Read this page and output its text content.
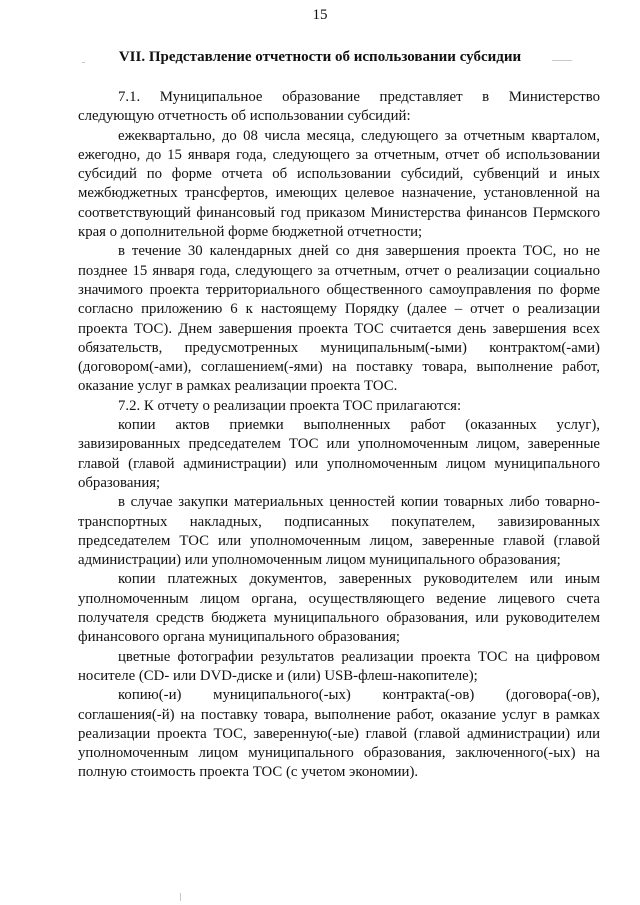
15
VII. Представление отчетности об использовании субсидии

7.1. Муниципальное образование представляет в Министерство следующую отчетность об использовании субсидий:

ежеквартально, до 08 числа месяца, следующего за отчетным кварталом, ежегодно, до 15 января года, следующего за отчетным, отчет об использовании субсидий по форме отчета об использовании субсидий, субвенций и иных межбюджетных трансфертов, имеющих целевое назначение, установленной на соответствующий финансовый год приказом Министерства финансов Пермского края о дополнительной форме бюджетной отчетности;

в течение 30 календарных дней со дня завершения проекта ТОС, но не позднее 15 января года, следующего за отчетным, отчет о реализации социально значимого проекта территориального общественного самоуправления по форме согласно приложению 6 к настоящему Порядку (далее – отчет о реализации проекта ТОС). Днем завершения проекта ТОС считается день завершения всех обязательств, предусмотренных муниципальным(-ыми) контрактом(-ами) (договором(-ами), соглашением(-ями) на поставку товара, выполнение работ, оказание услуг в рамках реализации проекта ТОС.

7.2. К отчету о реализации проекта ТОС прилагаются:

копии актов приемки выполненных работ (оказанных услуг), завизированных председателем ТОС или уполномоченным лицом, заверенные главой (главой администрации) или уполномоченным лицом муниципального образования;

в случае закупки материальных ценностей копии товарных либо товарно-транспортных накладных, подписанных покупателем, завизированных председателем ТОС или уполномоченным лицом, заверенные главой (главой администрации) или уполномоченным лицом муниципального образования;

копии платежных документов, заверенных руководителем или иным уполномоченным лицом органа, осуществляющего ведение лицевого счета получателя средств бюджета муниципального образования, или руководителем финансового органа муниципального образования;

цветные фотографии результатов реализации проекта ТОС на цифровом носителе (CD- или DVD-диске и (или) USB-флеш-накопителе);

копию(-и) муниципального(-ых) контракта(-ов) (договора(-ов), соглашения(-й) на поставку товара, выполнение работ, оказание услуг в рамках реализации проекта ТОС, заверенную(-ые) главой (главой администрации) или уполномоченным лицом муниципального образования, заключенного(-ых) на полную стоимость проекта ТОС (с учетом экономии).
